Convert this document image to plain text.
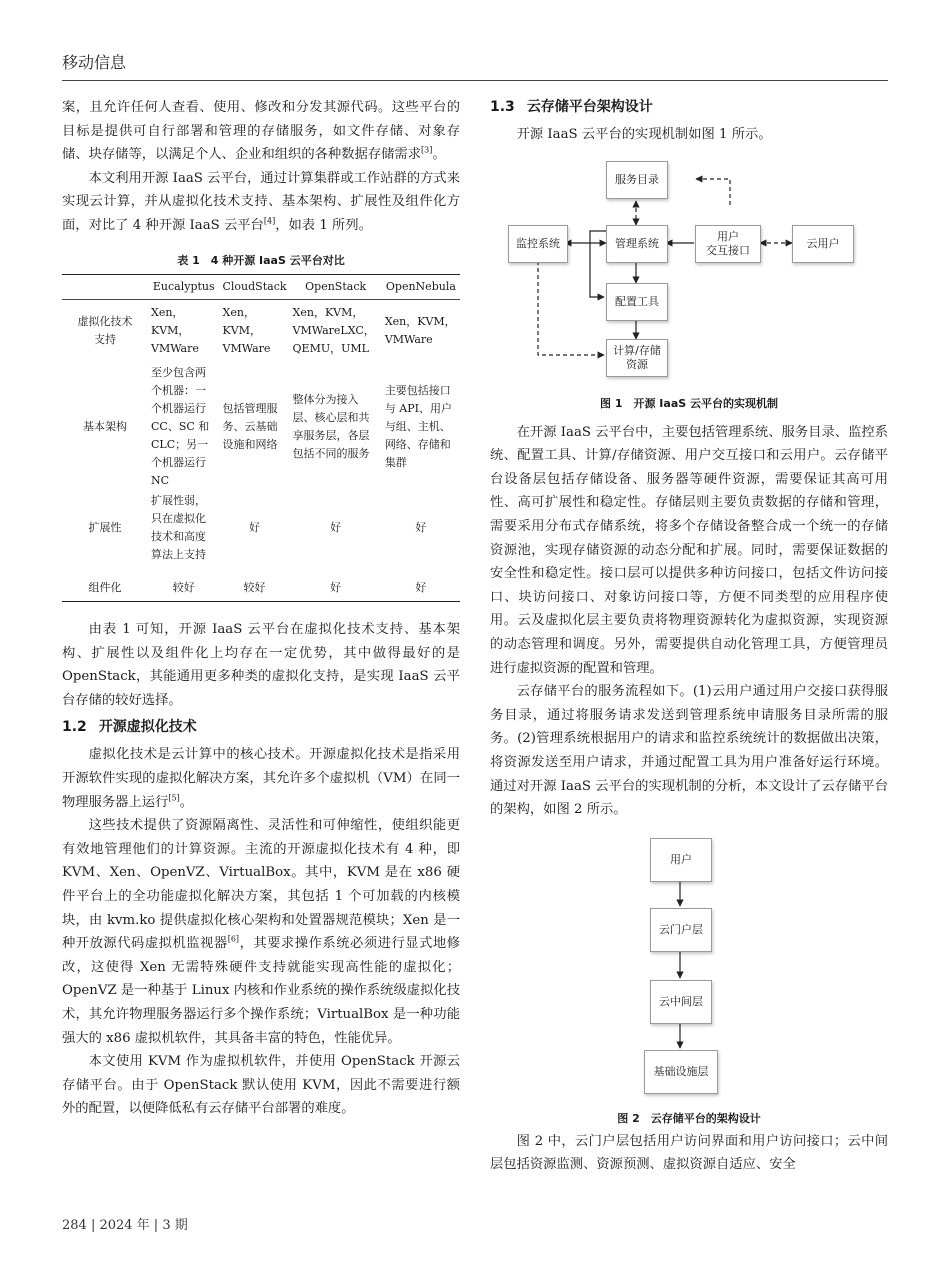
移动信息

案，且允许任何人查看、使用、修改和分发其源代码。这些平台的目标是提供可自行部署和管理的存储服务，如文件存储、对象存储、块存储等，以满足个人、企业和组织的各种数据存储需求[3]。

本文利用开源 IaaS 云平台，通过计算集群或工作站群的方式来实现云计算，并从虚拟化技术支持、基本架构、扩展性及组件化方面，对比了 4 种开源 IaaS 云平台[4]，如表 1 所列。

表 1　4 种开源 IaaS 云平台对比
	Eucalyptus	CloudStack	OpenStack	OpenNebula
虚拟化技术支持	Xen，KVM，VMWare	Xen，KVM，VMWare	Xen，KVM，VMWareLXC，QEMU，UML	Xen，KVM，VMWare
基本架构	至少包含两个机器：一个机器运行 CC、SC 和 CLC；另一个机器运行 NC	包括管理服务、云基础设施和网络	整体分为接入层、核心层和共享服务层，各层包括不同的服务	主要包括接口与 API、用户与组、主机、网络、存储和集群
扩展性	扩展性弱，只在虚拟化技术和高度算法上支持	好	好	好
组件化	较好	较好	好	好

由表 1 可知，开源 IaaS 云平台在虚拟化技术支持、基本架构、扩展性以及组件化上均存在一定优势，其中做得最好的是 OpenStack，其能通用更多种类的虚拟化支持，是实现 IaaS 云平台存储的较好选择。

1.2 开源虚拟化技术

虚拟化技术是云计算中的核心技术。开源虚拟化技术是指采用开源软件实现的虚拟化解决方案，其允许多个虚拟机（VM）在同一物理服务器上运行[5]。

这些技术提供了资源隔离性、灵活性和可伸缩性，使组织能更有效地管理他们的计算资源。主流的开源虚拟化技术有 4 种，即 KVM、Xen、OpenVZ、VirtualBox。其中，KVM 是在 x86 硬件平台上的全功能虚拟化解决方案，其包括 1 个可加载的内核模块，由 kvm.ko 提供虚拟化核心架构和处置器规范模块；Xen 是一种开放源代码虚拟机监视器[6]，其要求操作系统必须进行显式地修改，这使得 Xen 无需特殊硬件支持就能实现高性能的虚拟化；OpenVZ 是一种基于 Linux 内核和作业系统的操作系统级虚拟化技术，其允许物理服务器运行多个操作系统；VirtualBox 是一种功能强大的 x86 虚拟机软件，其具备丰富的特色，性能优异。

本文使用 KVM 作为虚拟机软件，并使用 OpenStack 开源云存储平台。由于 OpenStack 默认使用 KVM，因此不需要进行额外的配置，以便降低私有云存储平台部署的难度。

1.3 云存储平台架构设计

开源 IaaS 云平台的实现机制如图 1 所示。

服务目录
监控系统	管理系统
用户
交互接口
云用户
配置工具
计算/存储
资源
图 1　开源 IaaS 云平台的实现机制

在开源 IaaS 云平台中，主要包括管理系统、服务目录、监控系统、配置工具、计算/存储资源、用户交互接口和云用户。云存储平台设备层包括存储设备、服务器等硬件资源，需要保证其高可用性、高可扩展性和稳定性。存储层则主要负责数据的存储和管理，需要采用分布式存储系统，将多个存储设备整合成一个统一的存储资源池，实现存储资源的动态分配和扩展。同时，需要保证数据的安全性和稳定性。接口层可以提供多种访问接口，包括文件访问接口、块访问接口、对象访问接口等，方便不同类型的应用程序使用。云及虚拟化层主要负责将物理资源转化为虚拟资源，实现资源的动态管理和调度。另外，需要提供自动化管理工具，方便管理员进行虚拟资源的配置和管理。

云存储平台的服务流程如下。(1)云用户通过用户交接口获得服务目录，通过将服务请求发送到管理系统申请服务目录所需的服务。(2)管理系统根据用户的请求和监控系统统计的数据做出决策，将资源发送至用户请求，并通过配置工具为用户准备好运行环境。通过对开源 IaaS 云平台的实现机制的分析，本文设计了云存储平台的架构，如图 2 所示。

用户
云门户层
云中间层
基础设施层
图 2　云存储平台的架构设计

图 2 中，云门户层包括用户访问界面和用户访问接口；云中间层包括资源监测、资源预测、虚拟资源自适应、安全

284 | 2024 年 | 3 期
